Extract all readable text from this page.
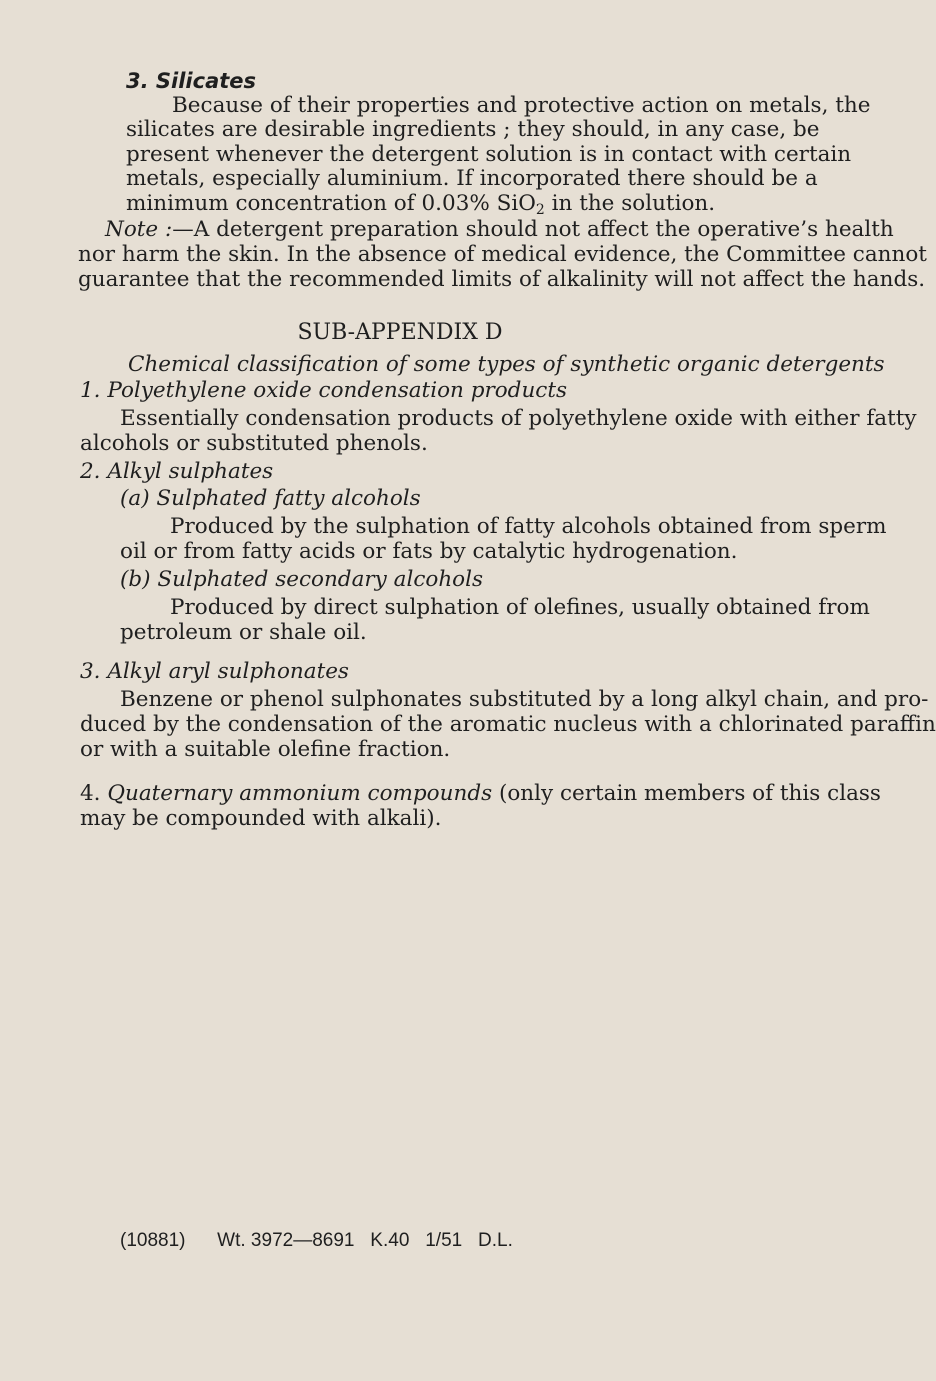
3. Silicates
Because of their properties and protective action on metals, the
silicates are desirable ingredients ; they should, in any case, be
present whenever the detergent solution is in contact with certain
metals, especially aluminium. If incorporated there should be a
minimum concentration of 0.03% SiO$_2$ in the solution.
Note :—A detergent preparation should not affect the operative’s health
nor harm the skin. In the absence of medical evidence, the Committee cannot
guarantee that the recommended limits of alkalinity will not affect the hands.
SUB-APPENDIX D
Chemical classification of some types of synthetic organic detergents
1. Polyethylene oxide condensation products
Essentially condensation products of polyethylene oxide with either fatty
alcohols or substituted phenols.
2. Alkyl sulphates
(a) Sulphated fatty alcohols
Produced by the sulphation of fatty alcohols obtained from sperm
oil or from fatty acids or fats by catalytic hydrogenation.
(b) Sulphated secondary alcohols
Produced by direct sulphation of olefines, usually obtained from
petroleum or shale oil.
3. Alkyl aryl sulphonates
Benzene or phenol sulphonates substituted by a long alkyl chain, and pro-
duced by the condensation of the aromatic nucleus with a chlorinated paraffin
or with a suitable olefine fraction.
4. Quaternary ammonium compounds (only certain members of this class
may be compounded with alkali).
(10881)      Wt. 3972—8691   K.40   1/51   D.L.
